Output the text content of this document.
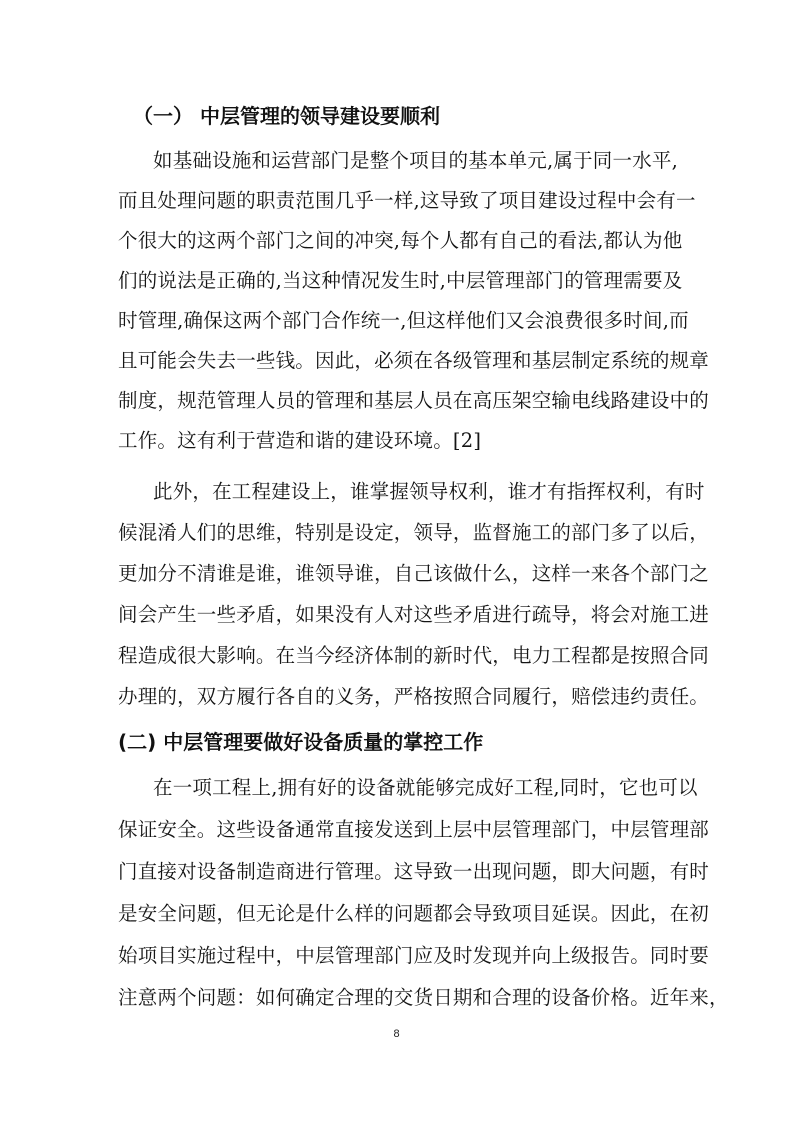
（一） 中层管理的领导建设要顺利
如基础设施和运营部门是整个项目的基本单元,属于同一水平,
而且处理问题的职责范围几乎一样,这导致了项目建设过程中会有一
个很大的这两个部门之间的冲突,每个人都有自己的看法,都认为他
们的说法是正确的,当这种情况发生时,中层管理部门的管理需要及
时管理,确保这两个部门合作统一,但这样他们又会浪费很多时间,而
且可能会失去一些钱。因此，必须在各级管理和基层制定系统的规章
制度，规范管理人员的管理和基层人员在高压架空输电线路建设中的
工作。这有利于营造和谐的建设环境。[2]
此外，在工程建设上，谁掌握领导权利，谁才有指挥权利，有时
候混淆人们的思维，特别是设定，领导，监督施工的部门多了以后，
更加分不清谁是谁，谁领导谁，自己该做什么，这样一来各个部门之
间会产生一些矛盾，如果没有人对这些矛盾进行疏导，将会对施工进
程造成很大影响。在当今经济体制的新时代，电力工程都是按照合同
办理的，双方履行各自的义务，严格按照合同履行，赔偿违约责任。
(二) 中层管理要做好设备质量的掌控工作
在一项工程上,拥有好的设备就能够完成好工程,同时，它也可以
保证安全。这些设备通常直接发送到上层中层管理部门，中层管理部
门直接对设备制造商进行管理。这导致一出现问题，即大问题，有时
是安全问题，但无论是什么样的问题都会导致项目延误。因此，在初
始项目实施过程中，中层管理部门应及时发现并向上级报告。同时要
注意两个问题：如何确定合理的交货日期和合理的设备价格。近年来，
8
